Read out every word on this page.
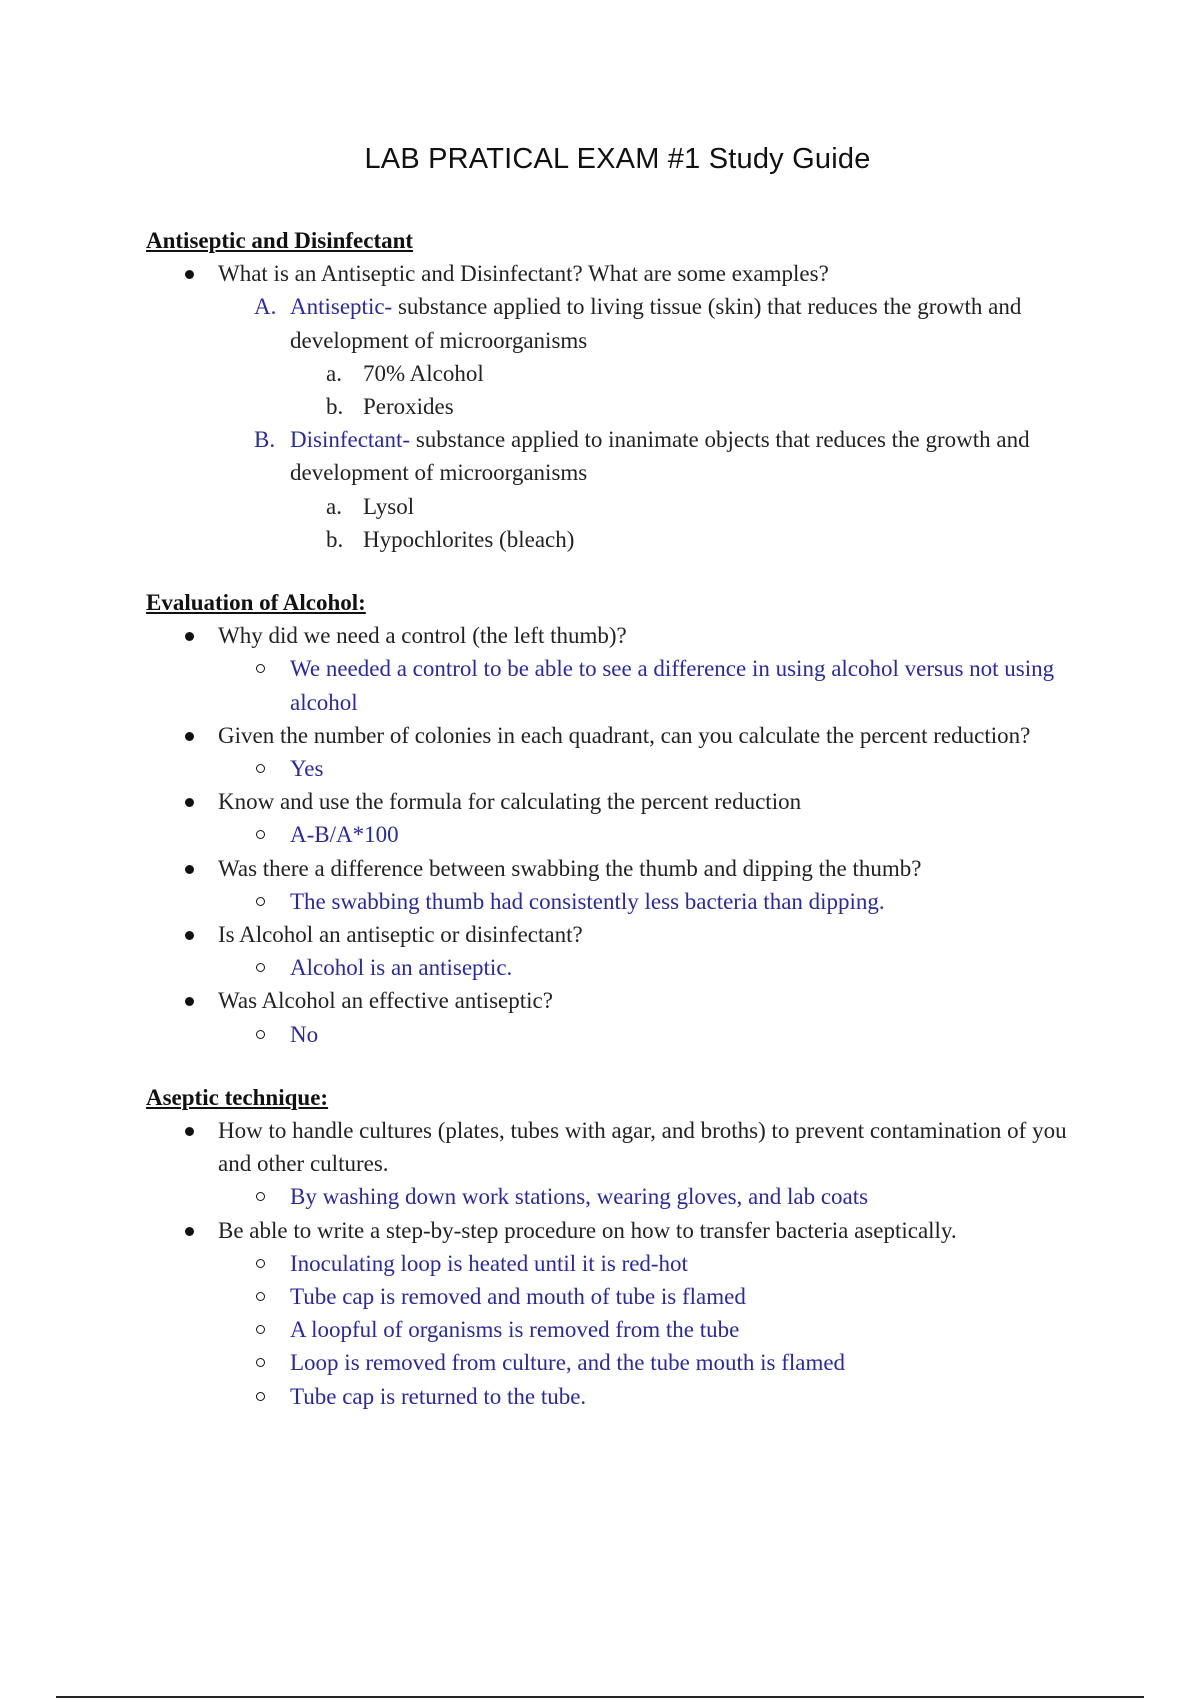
LAB PRATICAL EXAM #1 Study Guide
Antiseptic and Disinfectant
What is an Antiseptic and Disinfectant? What are some examples?
A. Antiseptic- substance applied to living tissue (skin) that reduces the growth and development of microorganisms
a. 70% Alcohol
b. Peroxides
B. Disinfectant- substance applied to inanimate objects that reduces the growth and development of microorganisms
a. Lysol
b. Hypochlorites (bleach)
Evaluation of Alcohol:
Why did we need a control (the left thumb)?
We needed a control to be able to see a difference in using alcohol versus not using alcohol
Given the number of colonies in each quadrant, can you calculate the percent reduction?
Yes
Know and use the formula for calculating the percent reduction
A-B/A*100
Was there a difference between swabbing the thumb and dipping the thumb?
The swabbing thumb had consistently less bacteria than dipping.
Is Alcohol an antiseptic or disinfectant?
Alcohol is an antiseptic.
Was Alcohol an effective antiseptic?
No
Aseptic technique:
How to handle cultures (plates, tubes with agar, and broths) to prevent contamination of you and other cultures.
By washing down work stations, wearing gloves, and lab coats
Be able to write a step-by-step procedure on how to transfer bacteria aseptically.
Inoculating loop is heated until it is red-hot
Tube cap is removed and mouth of tube is flamed
A loopful of organisms is removed from the tube
Loop is removed from culture, and the tube mouth is flamed
Tube cap is returned to the tube.
